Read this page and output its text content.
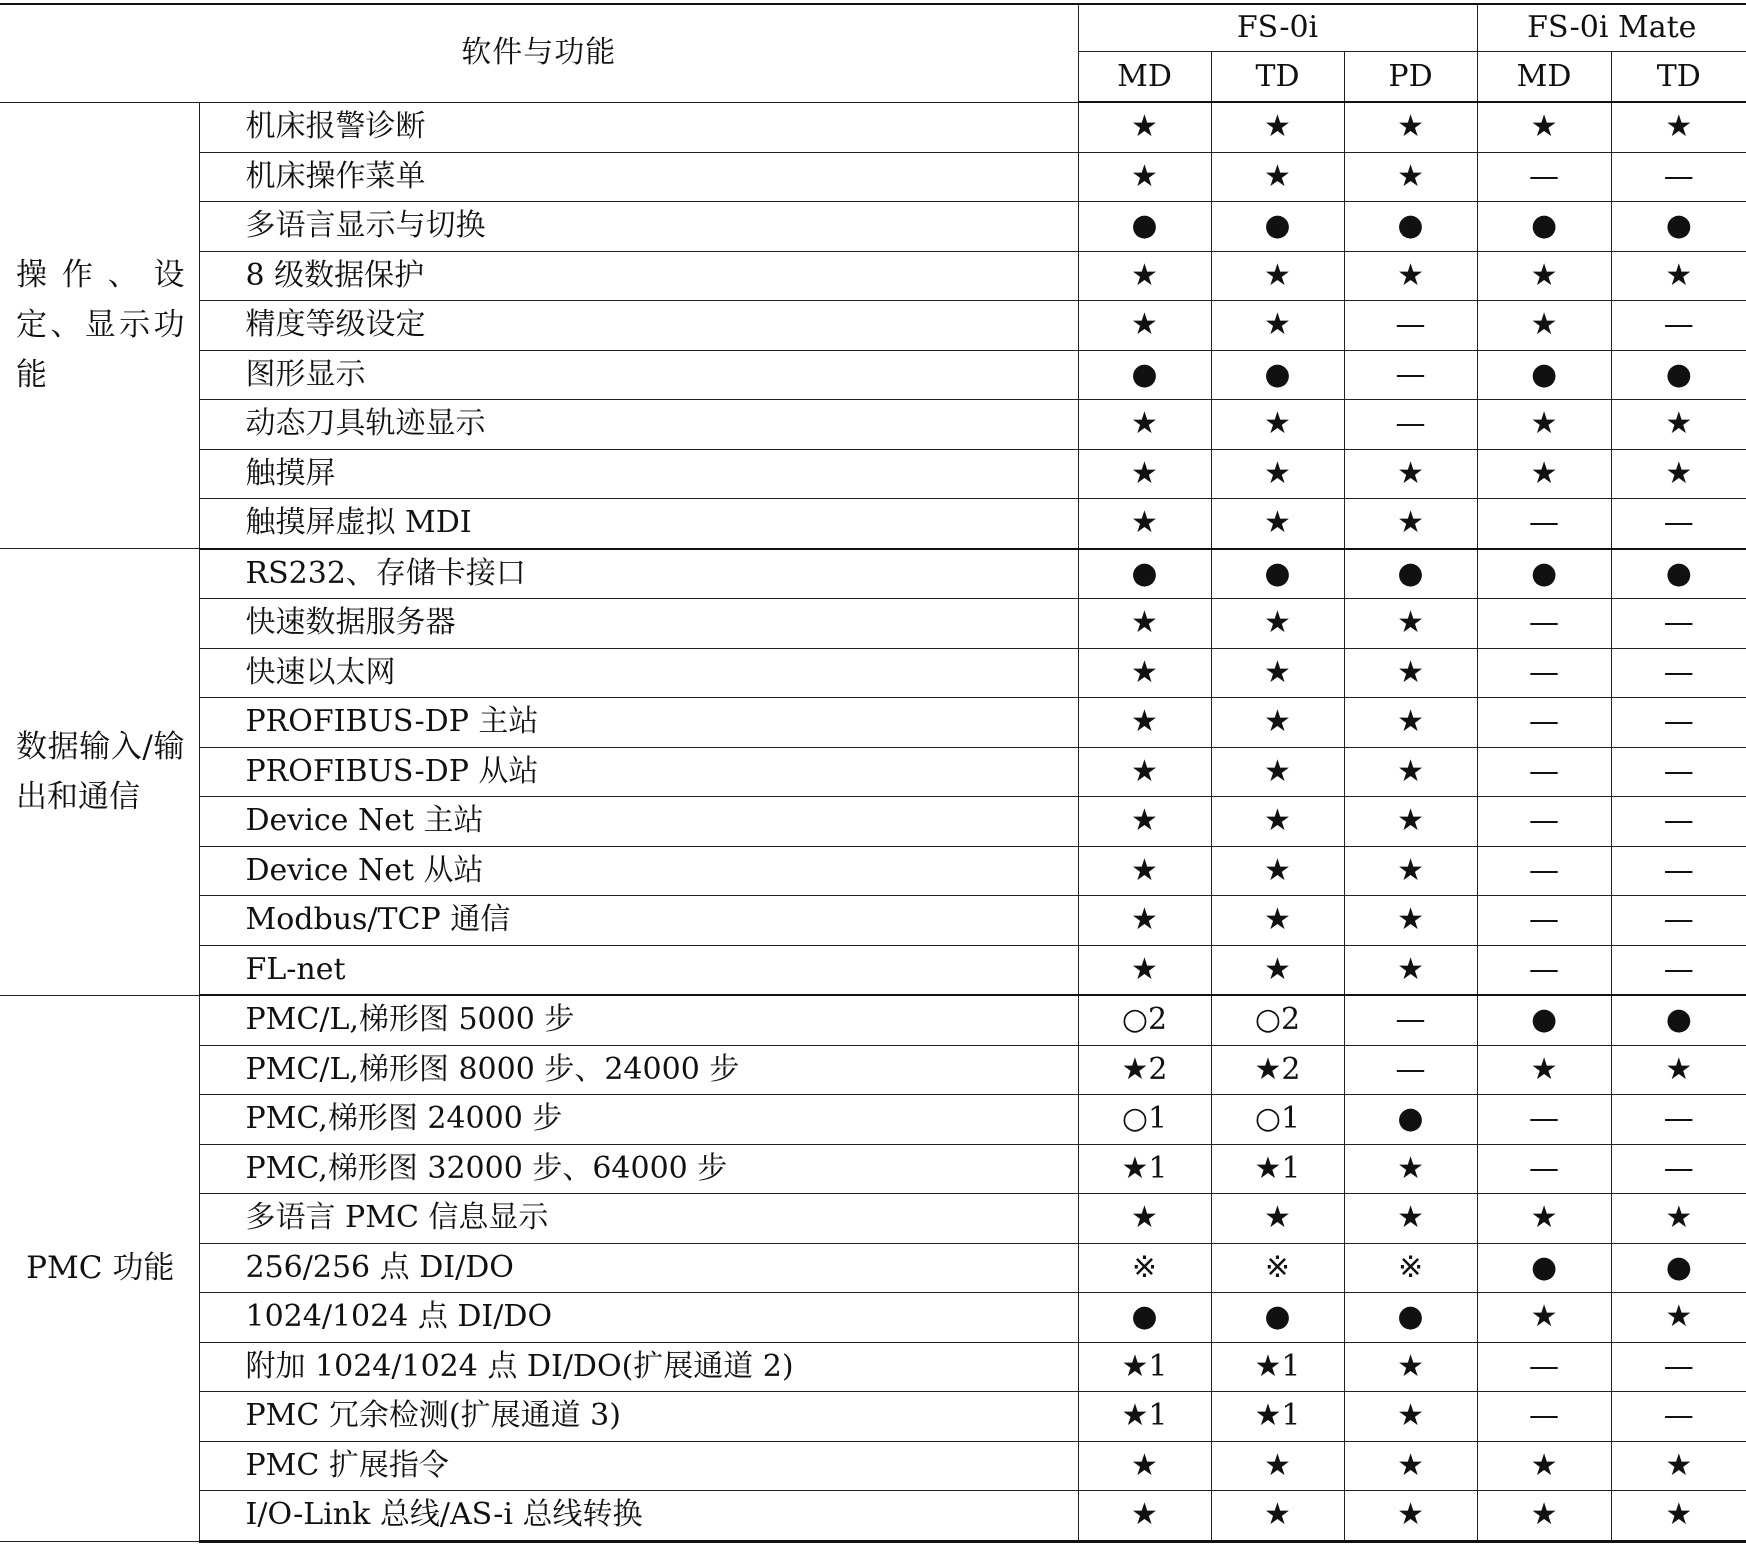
软件与功能		FS-0i			FS-0i Mate	
		MD	TD	PD	MD	TD
操作、设定、显示功能	机床报警诊断	★	★	★	★	★
	机床操作菜单	★	★	★	—	—
	多语言显示与切换	●	●	●	●	●
	8 级数据保护	★	★	★	★	★
	精度等级设定	★	★	—	★	—
	图形显示	●	●	—	●	●
	动态刀具轨迹显示	★	★	—	★	★
	触摸屏	★	★	★	★	★
	触摸屏虚拟 MDI	★	★	★	—	—
数据输入/输出和通信	RS232、存储卡接口	●	●	●	●	●
	快速数据服务器	★	★	★	—	—
	快速以太网	★	★	★	—	—
	PROFIBUS-DP 主站	★	★	★	—	—
	PROFIBUS-DP 从站	★	★	★	—	—
	Device Net 主站	★	★	★	—	—
	Device Net 从站	★	★	★	—	—
	Modbus/TCP 通信	★	★	★	—	—
	FL-net	★	★	★	—	—
PMC 功能	PMC/L,梯形图 5000 步	○2	○2	—	●	●
	PMC/L,梯形图 8000 步、24000 步	★2	★2	—	★	★
	PMC,梯形图 24000 步	○1	○1	●	—	—
	PMC,梯形图 32000 步、64000 步	★1	★1	★	—	—
	多语言 PMC 信息显示	★	★	★	★	★
	256/256 点 DI/DO	※	※	※	●	●
	1024/1024 点 DI/DO	●	●	●	★	★
	附加 1024/1024 点 DI/DO(扩展通道 2)	★1	★1	★	—	—
	PMC 冗余检测(扩展通道 3)	★1	★1	★	—	—
	PMC 扩展指令	★	★	★	★	★
	I/O-Link 总线/AS-i 总线转换	★	★	★	★	★
